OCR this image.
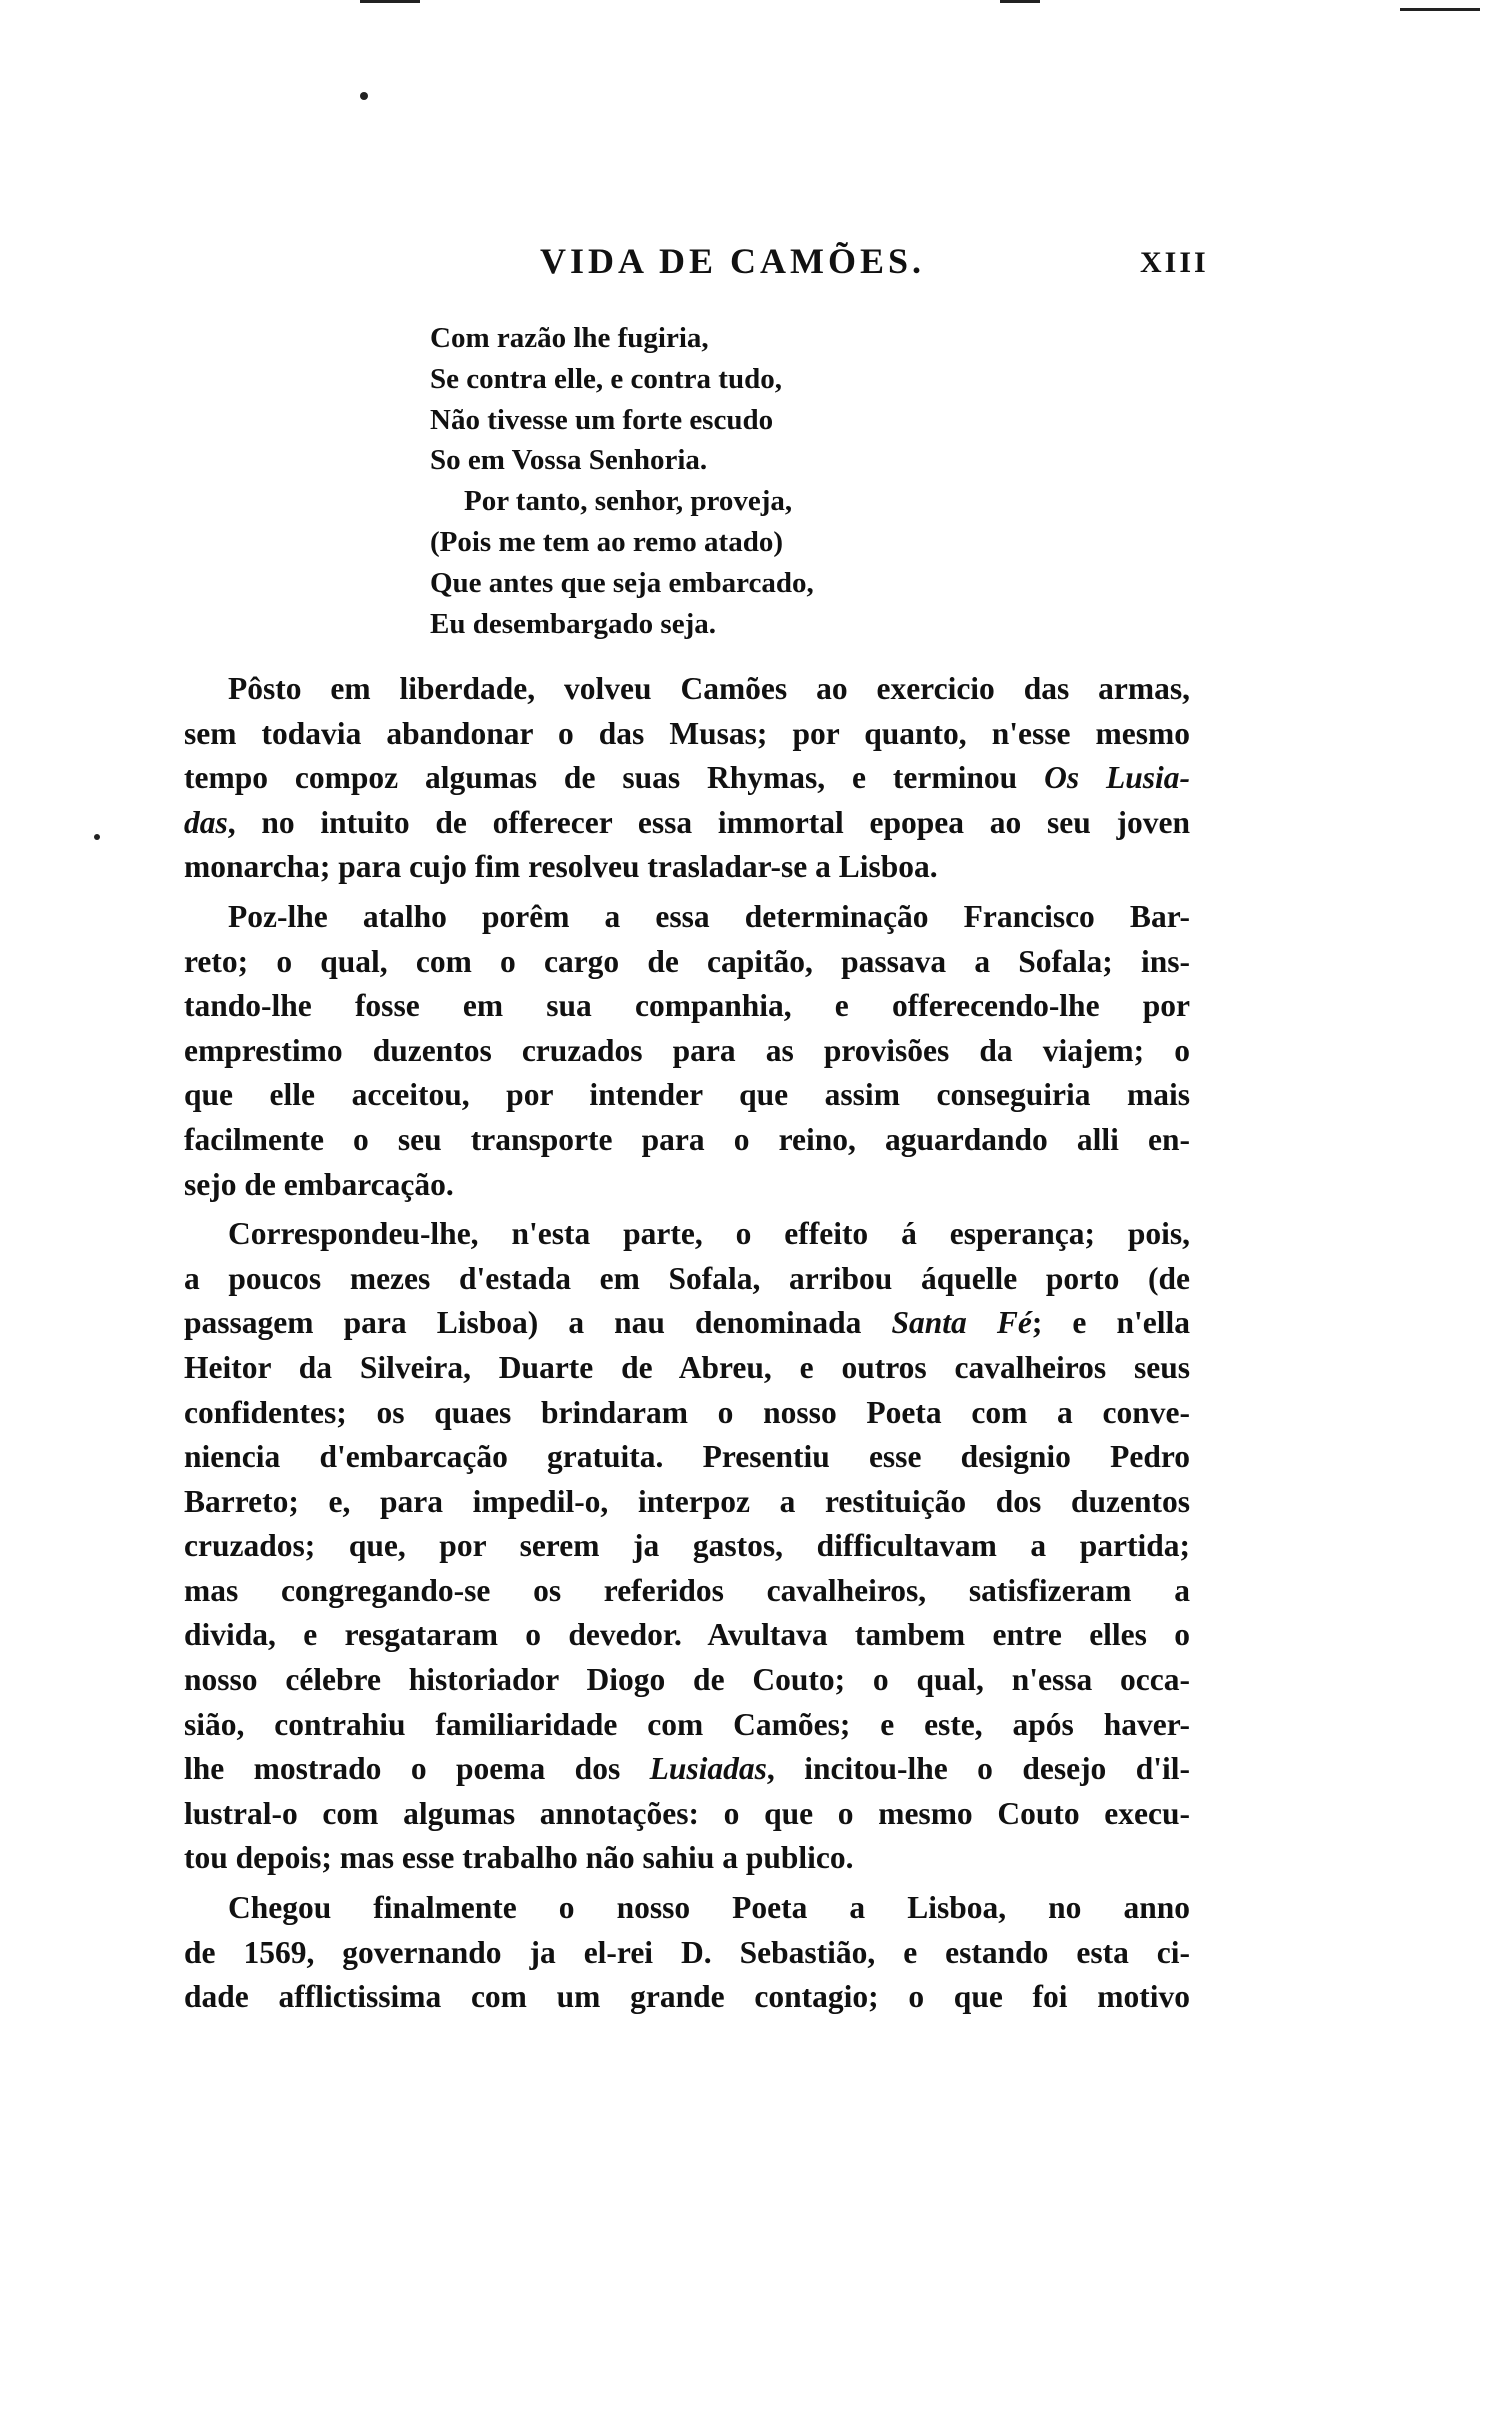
VIDA DE CAMÕES.	XIII
Com razão lhe fugiria,
Se contra elle, e contra tudo,
Não tivesse um forte escudo
So em Vossa Senhoria.
Por tanto, senhor, proveja,
(Pois me tem ao remo atado)
Que antes que seja embarcado,
Eu desembargado seja.
Pôsto em liberdade, volveu Camões ao exercicio das armas,
sem todavia abandonar o das Musas; por quanto, n'esse mesmo
tempo compoz algumas de suas Rhymas, e terminou Os Lusia-
das, no intuito de offerecer essa immortal epopea ao seu joven
monarcha; para cujo fim resolveu trasladar-se a Lisboa.
Poz-lhe atalho porêm a essa determinação Francisco Bar-
reto; o qual, com o cargo de capitão, passava a Sofala; ins-
tando-lhe fosse em sua companhia, e offerecendo-lhe por
emprestimo duzentos cruzados para as provisões da viajem; o
que elle acceitou, por intender que assim conseguiria mais
facilmente o seu transporte para o reino, aguardando alli en-
sejo de embarcação.
Correspondeu-lhe, n'esta parte, o effeito á esperança; pois,
a poucos mezes d'estada em Sofala, arribou áquelle porto (de
passagem para Lisboa) a nau denominada Santa Fé; e n'ella
Heitor da Silveira, Duarte de Abreu, e outros cavalheiros seus
confidentes; os quaes brindaram o nosso Poeta com a conve-
niencia d'embarcação gratuita. Presentiu esse designio Pedro
Barreto; e, para impedil-o, interpoz a restituição dos duzentos
cruzados; que, por serem ja gastos, difficultavam a partida;
mas congregando-se os referidos cavalheiros, satisfizeram a
divida, e resgataram o devedor. Avultava tambem entre elles o
nosso célebre historiador Diogo de Couto; o qual, n'essa occa-
sião, contrahiu familiaridade com Camões; e este, após haver-
lhe mostrado o poema dos Lusiadas, incitou-lhe o desejo d'il-
lustral-o com algumas annotações: o que o mesmo Couto execu-
tou depois; mas esse trabalho não sahiu a publico.
Chegou finalmente o nosso Poeta a Lisboa, no anno
de 1569, governando ja el-rei D. Sebastião, e estando esta ci-
dade afflictissima com um grande contagio; o que foi motivo
